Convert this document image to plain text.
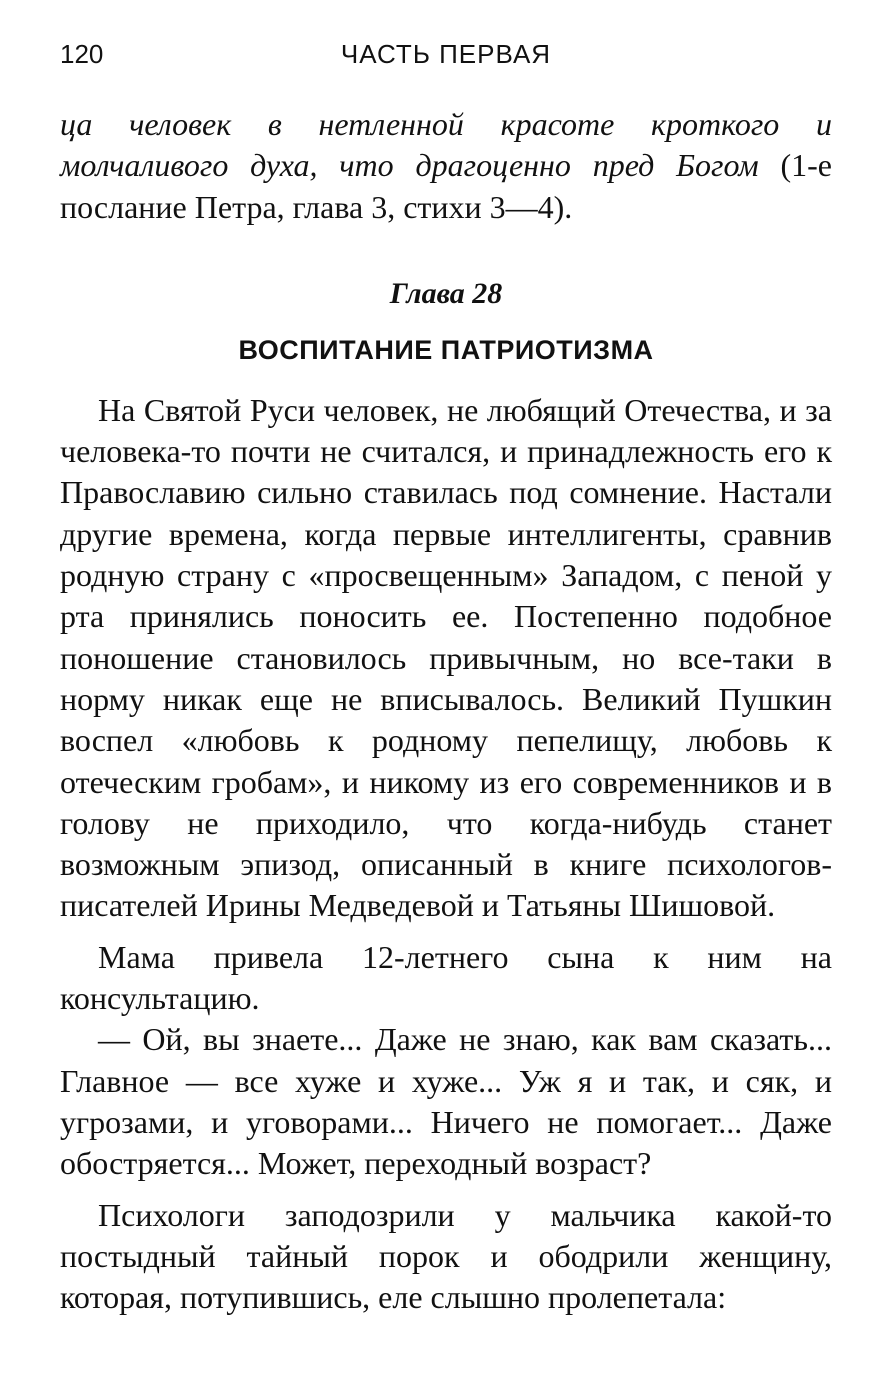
120	ЧАСТЬ ПЕРВАЯ

ца человек в нетленной красоте кроткого и молчаливого духа, что драгоценно пред Богом (1-е послание Петра, глава 3, стихи 3—4).

Глава 28
ВОСПИТАНИЕ ПАТРИОТИЗМА

На Святой Руси человек, не любящий Отечества, и за человека-то почти не считался, и принадлежность его к Православию сильно ставилась под сомнение. Настали другие времена, когда первые интеллигенты, сравнив родную страну с «просвещенным» Западом, с пеной у рта принялись поносить ее. Постепенно подобное поношение становилось привычным, но все-таки в норму никак еще не вписывалось. Великий Пушкин воспел «любовь к родному пепелищу, любовь к отеческим гробам», и никому из его современников и в голову не приходило, что когда-нибудь станет возможным эпизод, описанный в книге психологов-писателей Ирины Медведевой и Татьяны Шишовой.

Мама привела 12-летнего сына к ним на консультацию.

— Ой, вы знаете... Даже не знаю, как вам сказать... Главное — все хуже и хуже... Уж я и так, и сяк, и угрозами, и уговорами... Ничего не помогает... Даже обостряется... Может, переходный возраст?

Психологи заподозрили у мальчика какой-то постыдный тайный порок и ободрили женщину, которая, потупившись, еле слышно пролепетала:
